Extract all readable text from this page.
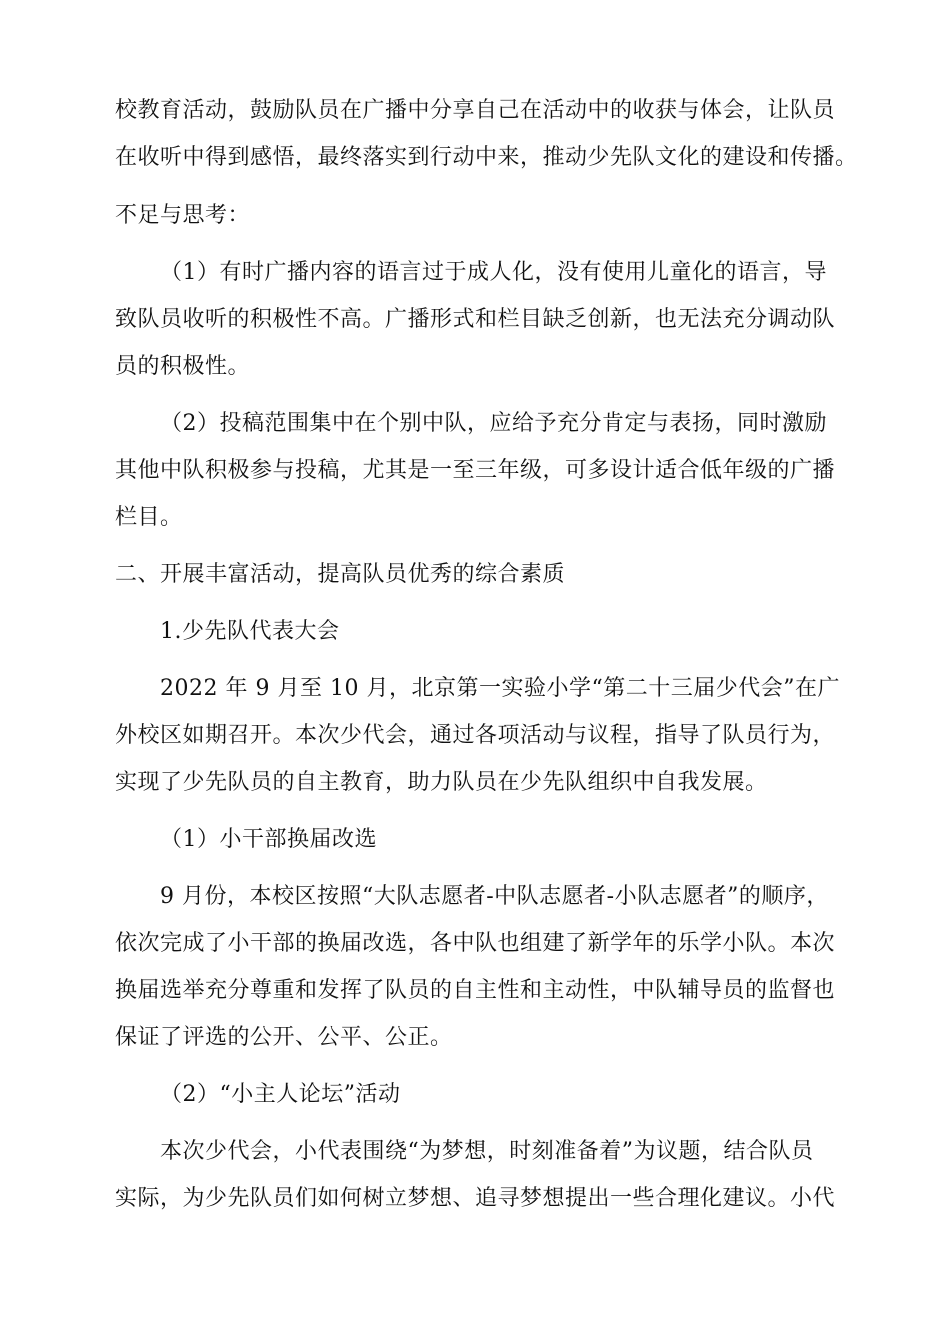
校教育活动，鼓励队员在广播中分享自己在活动中的收获与体会，让队员
在收听中得到感悟，最终落实到行动中来，推动少先队文化的建设和传播。
不足与思考：
（1）有时广播内容的语言过于成人化，没有使用儿童化的语言，导
致队员收听的积极性不高。广播形式和栏目缺乏创新，也无法充分调动队
员的积极性。
（2）投稿范围集中在个别中队，应给予充分肯定与表扬，同时激励
其他中队积极参与投稿，尤其是一至三年级，可多设计适合低年级的广播
栏目。
二、开展丰富活动，提高队员优秀的综合素质
1.少先队代表大会
2022 年 9 月至 10 月，北京第一实验小学“第二十三届少代会”在广
外校区如期召开。本次少代会，通过各项活动与议程，指导了队员行为，
实现了少先队员的自主教育，助力队员在少先队组织中自我发展。
（1）小干部换届改选
9 月份，本校区按照“大队志愿者-中队志愿者-小队志愿者”的顺序，
依次完成了小干部的换届改选，各中队也组建了新学年的乐学小队。本次
换届选举充分尊重和发挥了队员的自主性和主动性，中队辅导员的监督也
保证了评选的公开、公平、公正。
（2）“小主人论坛”活动
本次少代会，小代表围绕“为梦想，时刻准备着”为议题，结合队员
实际，为少先队员们如何树立梦想、追寻梦想提出一些合理化建议。小代
